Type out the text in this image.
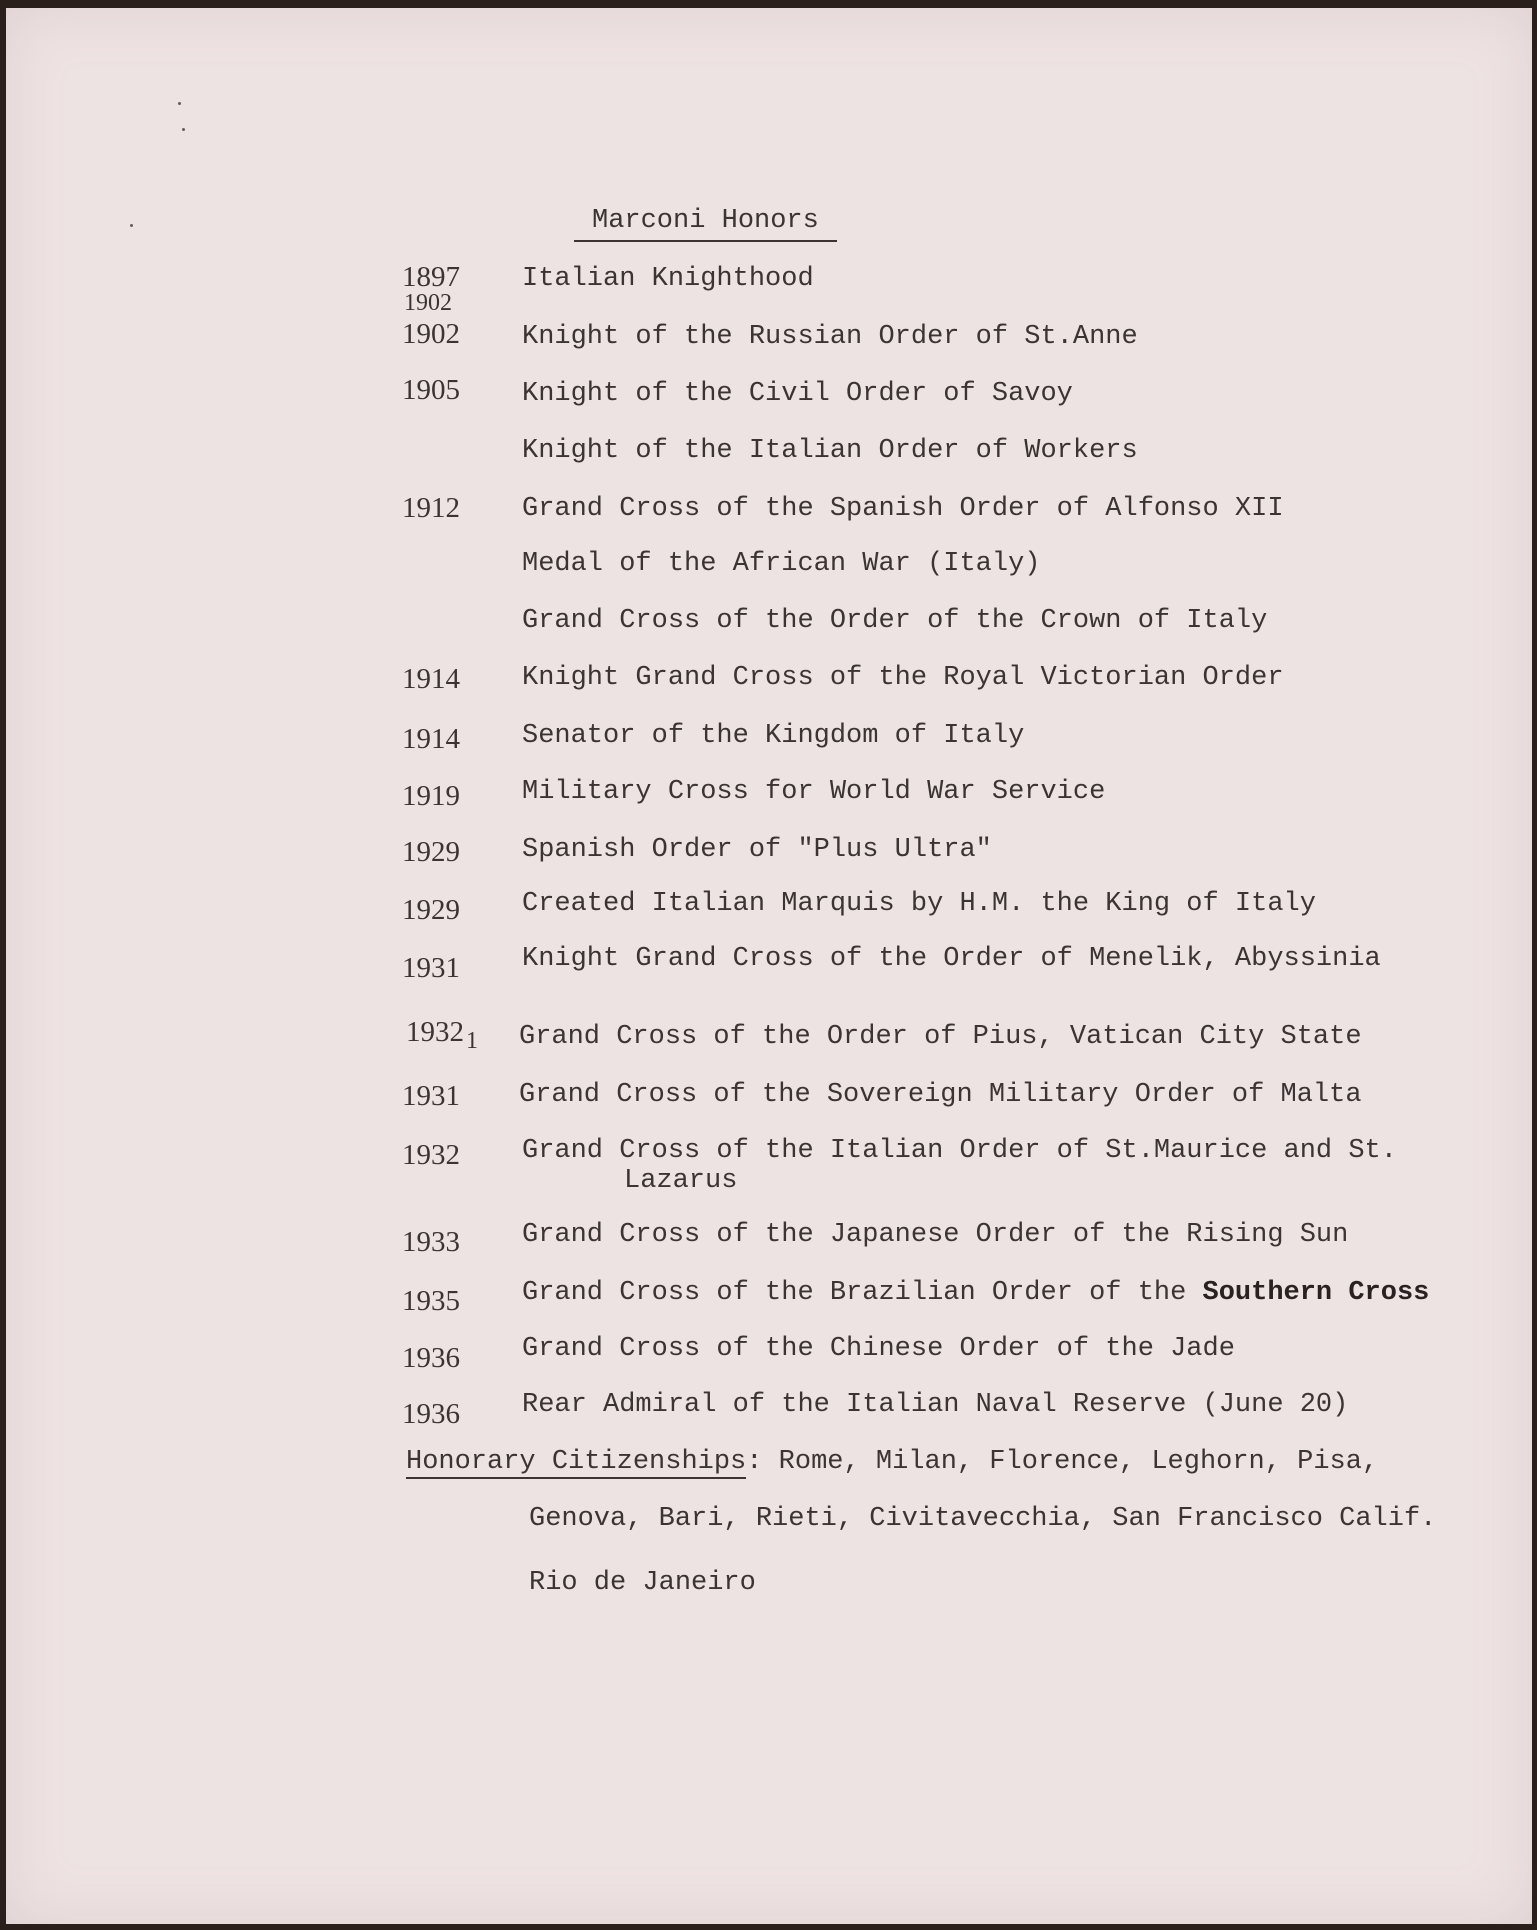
Marconi Honors
1897 Italian Knighthood
1902
1902 Knight of the Russian Order of St.Anne
1905 Knight of the Civil Order of Savoy
Knight of the Italian Order of Workers
1912 Grand Cross of the Spanish Order of Alfonso XII
Medal of the African War (Italy)
Grand Cross of the Order of the Crown of Italy
1914 Knight Grand Cross of the Royal Victorian Order
1914 Senator of the Kingdom of Italy
1919 Military Cross for World War Service
1929 Spanish Order of "Plus Ultra"
1929 Created Italian Marquis by H.M. the King of Italy
1931 Knight Grand Cross of the Order of Menelik, Abyssinia
1932 1 Grand Cross of the Order of Pius, Vatican City State
1931 Grand Cross of the Sovereign Military Order of Malta
1932 Grand Cross of the Italian Order of St.Maurice and St.
Lazarus
1933 Grand Cross of the Japanese Order of the Rising Sun
1935 Grand Cross of the Brazilian Order of the Southern Cross
1936 Grand Cross of the Chinese Order of the Jade
1936 Rear Admiral of the Italian Naval Reserve (June 20)
Honorary Citizenships: Rome, Milan, Florence, Leghorn, Pisa,
Genova, Bari, Rieti, Civitavecchia, San Francisco Calif.
Rio de Janeiro
